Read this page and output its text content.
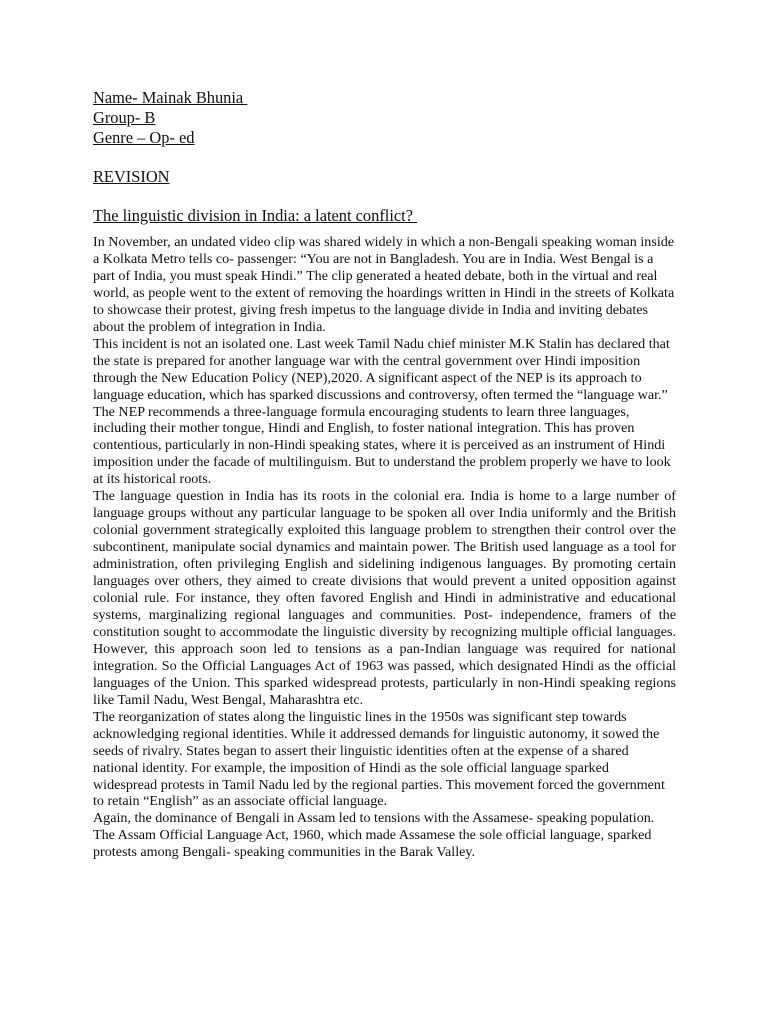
Name- Mainak Bhunia
Group- B
Genre – Op- ed
REVISION
The linguistic division in India: a latent conflict?

In November, an undated video clip was shared widely in which a non-Bengali speaking woman inside a Kolkata Metro tells co- passenger: “You are not in Bangladesh. You are in India. West Bengal is a part of India, you must speak Hindi.” The clip generated a heated debate, both in the virtual and real world, as people went to the extent of removing the hoardings written in Hindi in the streets of Kolkata to showcase their protest, giving fresh impetus to the language divide in India and inviting debates about the problem of integration in India.

This incident is not an isolated one. Last week Tamil Nadu chief minister M.K Stalin has declared that the state is prepared for another language war with the central government over Hindi imposition through the New Education Policy (NEP),2020. A significant aspect of the NEP is its approach to language education, which has sparked discussions and controversy, often termed the “language war.” The NEP recommends a three-language formula encouraging students to learn three languages, including their mother tongue, Hindi and English, to foster national integration. This has proven contentious, particularly in non-Hindi speaking states, where it is perceived as an instrument of Hindi imposition under the facade of multilinguism. But to understand the problem properly we have to look at its historical roots.

The language question in India has its roots in the colonial era. India is home to a large number of language groups without any particular language to be spoken all over India uniformly and the British colonial government strategically exploited this language problem to strengthen their control over the subcontinent, manipulate social dynamics and maintain power. The British used language as a tool for administration, often privileging English and sidelining indigenous languages. By promoting certain languages over others, they aimed to create divisions that would prevent a united opposition against colonial rule. For instance, they often favored English and Hindi in administrative and educational systems, marginalizing regional languages and communities. Post- independence, framers of the constitution sought to accommodate the linguistic diversity by recognizing multiple official languages. However, this approach soon led to tensions as a pan-Indian language was required for national integration. So the Official Languages Act of 1963 was passed, which designated Hindi as the official languages of the Union. This sparked widespread protests, particularly in non-Hindi speaking regions like Tamil Nadu, West Bengal, Maharashtra etc.

The reorganization of states along the linguistic lines in the 1950s was significant step towards acknowledging regional identities. While it addressed demands for linguistic autonomy, it sowed the seeds of rivalry. States began to assert their linguistic identities often at the expense of a shared national identity. For example, the imposition of Hindi as the sole official language sparked widespread protests in Tamil Nadu led by the regional parties. This movement forced the government to retain “English” as an associate official language.

Again, the dominance of Bengali in Assam led to tensions with the Assamese- speaking population. The Assam Official Language Act, 1960, which made Assamese the sole official language, sparked protests among Bengali- speaking communities in the Barak Valley.
